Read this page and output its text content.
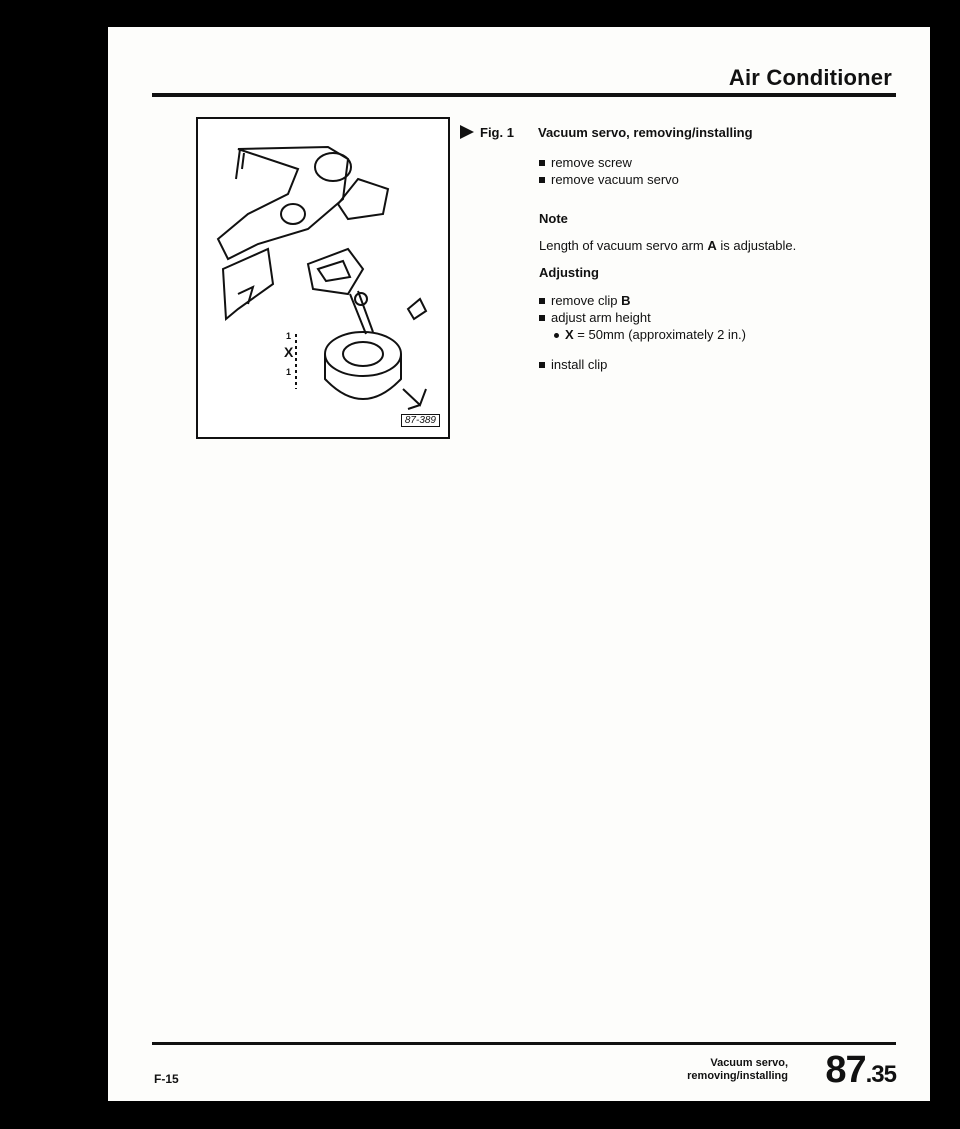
Air Conditioner
1
X
1
87-389
Fig. 1 Vacuum servo, removing/installing
remove screw
remove vacuum servo
Note
Length of vacuum servo arm A is adjustable.
Adjusting
remove clip B
adjust arm height
X = 50mm (approximately 2 in.)
install clip
F-15
Vacuum servo,
removing/installing 87.35
